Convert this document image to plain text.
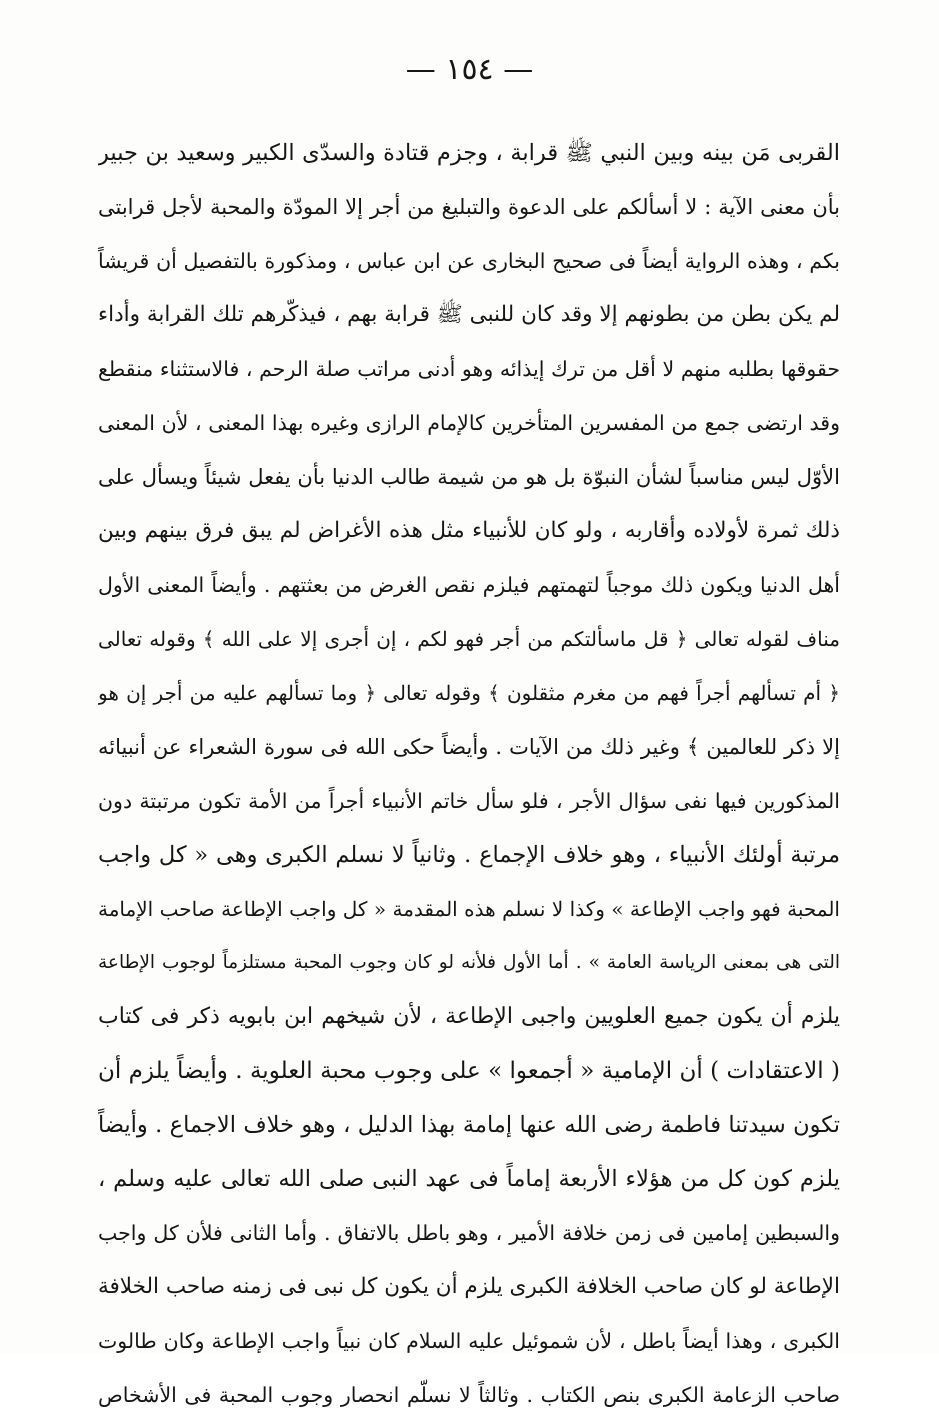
— ١٥٤ —
القربى مَن بينه وبين النبي ﷺ قرابة ، وجزم قتادة والسدّى الكبير وسعيد بن جبير
بأن معنى الآية : لا أسألكم على الدعوة والتبليغ من أجر إلا المودّة والمحبة لأجل قرابتى
بكم ، وهذه الرواية أيضاً فى صحيح البخارى عن ابن عباس ، ومذكورة بالتفصيل أن قريشاً
لم يكن بطن من بطونهم إلا وقد كان للنبى ﷺ قرابة بهم ، فيذكّرهم تلك القرابة وأداء
حقوقها بطلبه منهم لا أقل من ترك إيذائه وهو أدنى مراتب صلة الرحم ، فالاستثناء منقطع
وقد ارتضى جمع من المفسرين المتأخرين كالإمام الرازى وغيره بهذا المعنى ، لأن المعنى
الأوّل ليس مناسباً لشأن النبوّة بل هو من شيمة طالب الدنيا بأن يفعل شيئاً ويسأل على
ذلك ثمرة لأولاده وأقاربه ، ولو كان للأنبياء مثل هذه الأغراض لم يبق فرق بينهم وبين
أهل الدنيا ويكون ذلك موجباً لتهمتهم فيلزم نقص الغرض من بعثتهم . وأيضاً المعنى الأول
مناف لقوله تعالى ﴿ قل ماسألتكم من أجر فهو لكم ، إن أجرى إلا على الله ﴾ وقوله تعالى
﴿ أم تسألهم أجراً فهم من مغرم مثقلون ﴾ وقوله تعالى ﴿ وما تسألهم عليه من أجر إن هو
إلا ذكر للعالمين ﴾ وغير ذلك من الآيات . وأيضاً حكى الله فى سورة الشعراء عن أنبيائه
المذكورين فيها نفى سؤال الأجر ، فلو سأل خاتم الأنبياء أجراً من الأمة تكون مرتبتة دون
مرتبة أولئك الأنبياء ، وهو خلاف الإجماع . وثانياً لا نسلم الكبرى وهى « كل واجب
المحبة فهو واجب الإطاعة » وكذا لا نسلم هذه المقدمة « كل واجب الإطاعة صاحب الإمامة
التى هى بمعنى الرياسة العامة » . أما الأول فلأنه لو كان وجوب المحبة مستلزماً لوجوب الإطاعة
يلزم أن يكون جميع العلويين واجبى الإطاعة ، لأن شيخهم ابن بابويه ذكر فى كتاب
( الاعتقادات ) أن الإمامية « أجمعوا » على وجوب محبة العلوية . وأيضاً يلزم أن
تكون سيدتنا فاطمة رضى الله عنها إمامة بهذا الدليل ، وهو خلاف الاجماع . وأيضاً
يلزم كون كل من هؤلاء الأربعة إماماً فى عهد النبى صلى الله تعالى عليه وسلم ،
والسبطين إمامين فى زمن خلافة الأمير ، وهو باطل بالاتفاق . وأما الثانى فلأن كل واجب
الإطاعة لو كان صاحب الخلافة الكبرى يلزم أن يكون كل نبى فى زمنه صاحب الخلافة
الكبرى ، وهذا أيضاً باطل ، لأن شموئيل عليه السلام كان نبياً واجب الإطاعة وكان طالوت
صاحب الزعامة الكبرى بنص الكتاب . وثالثاً لا نسلّم انحصار وجوب المحبة فى الأشخاص
